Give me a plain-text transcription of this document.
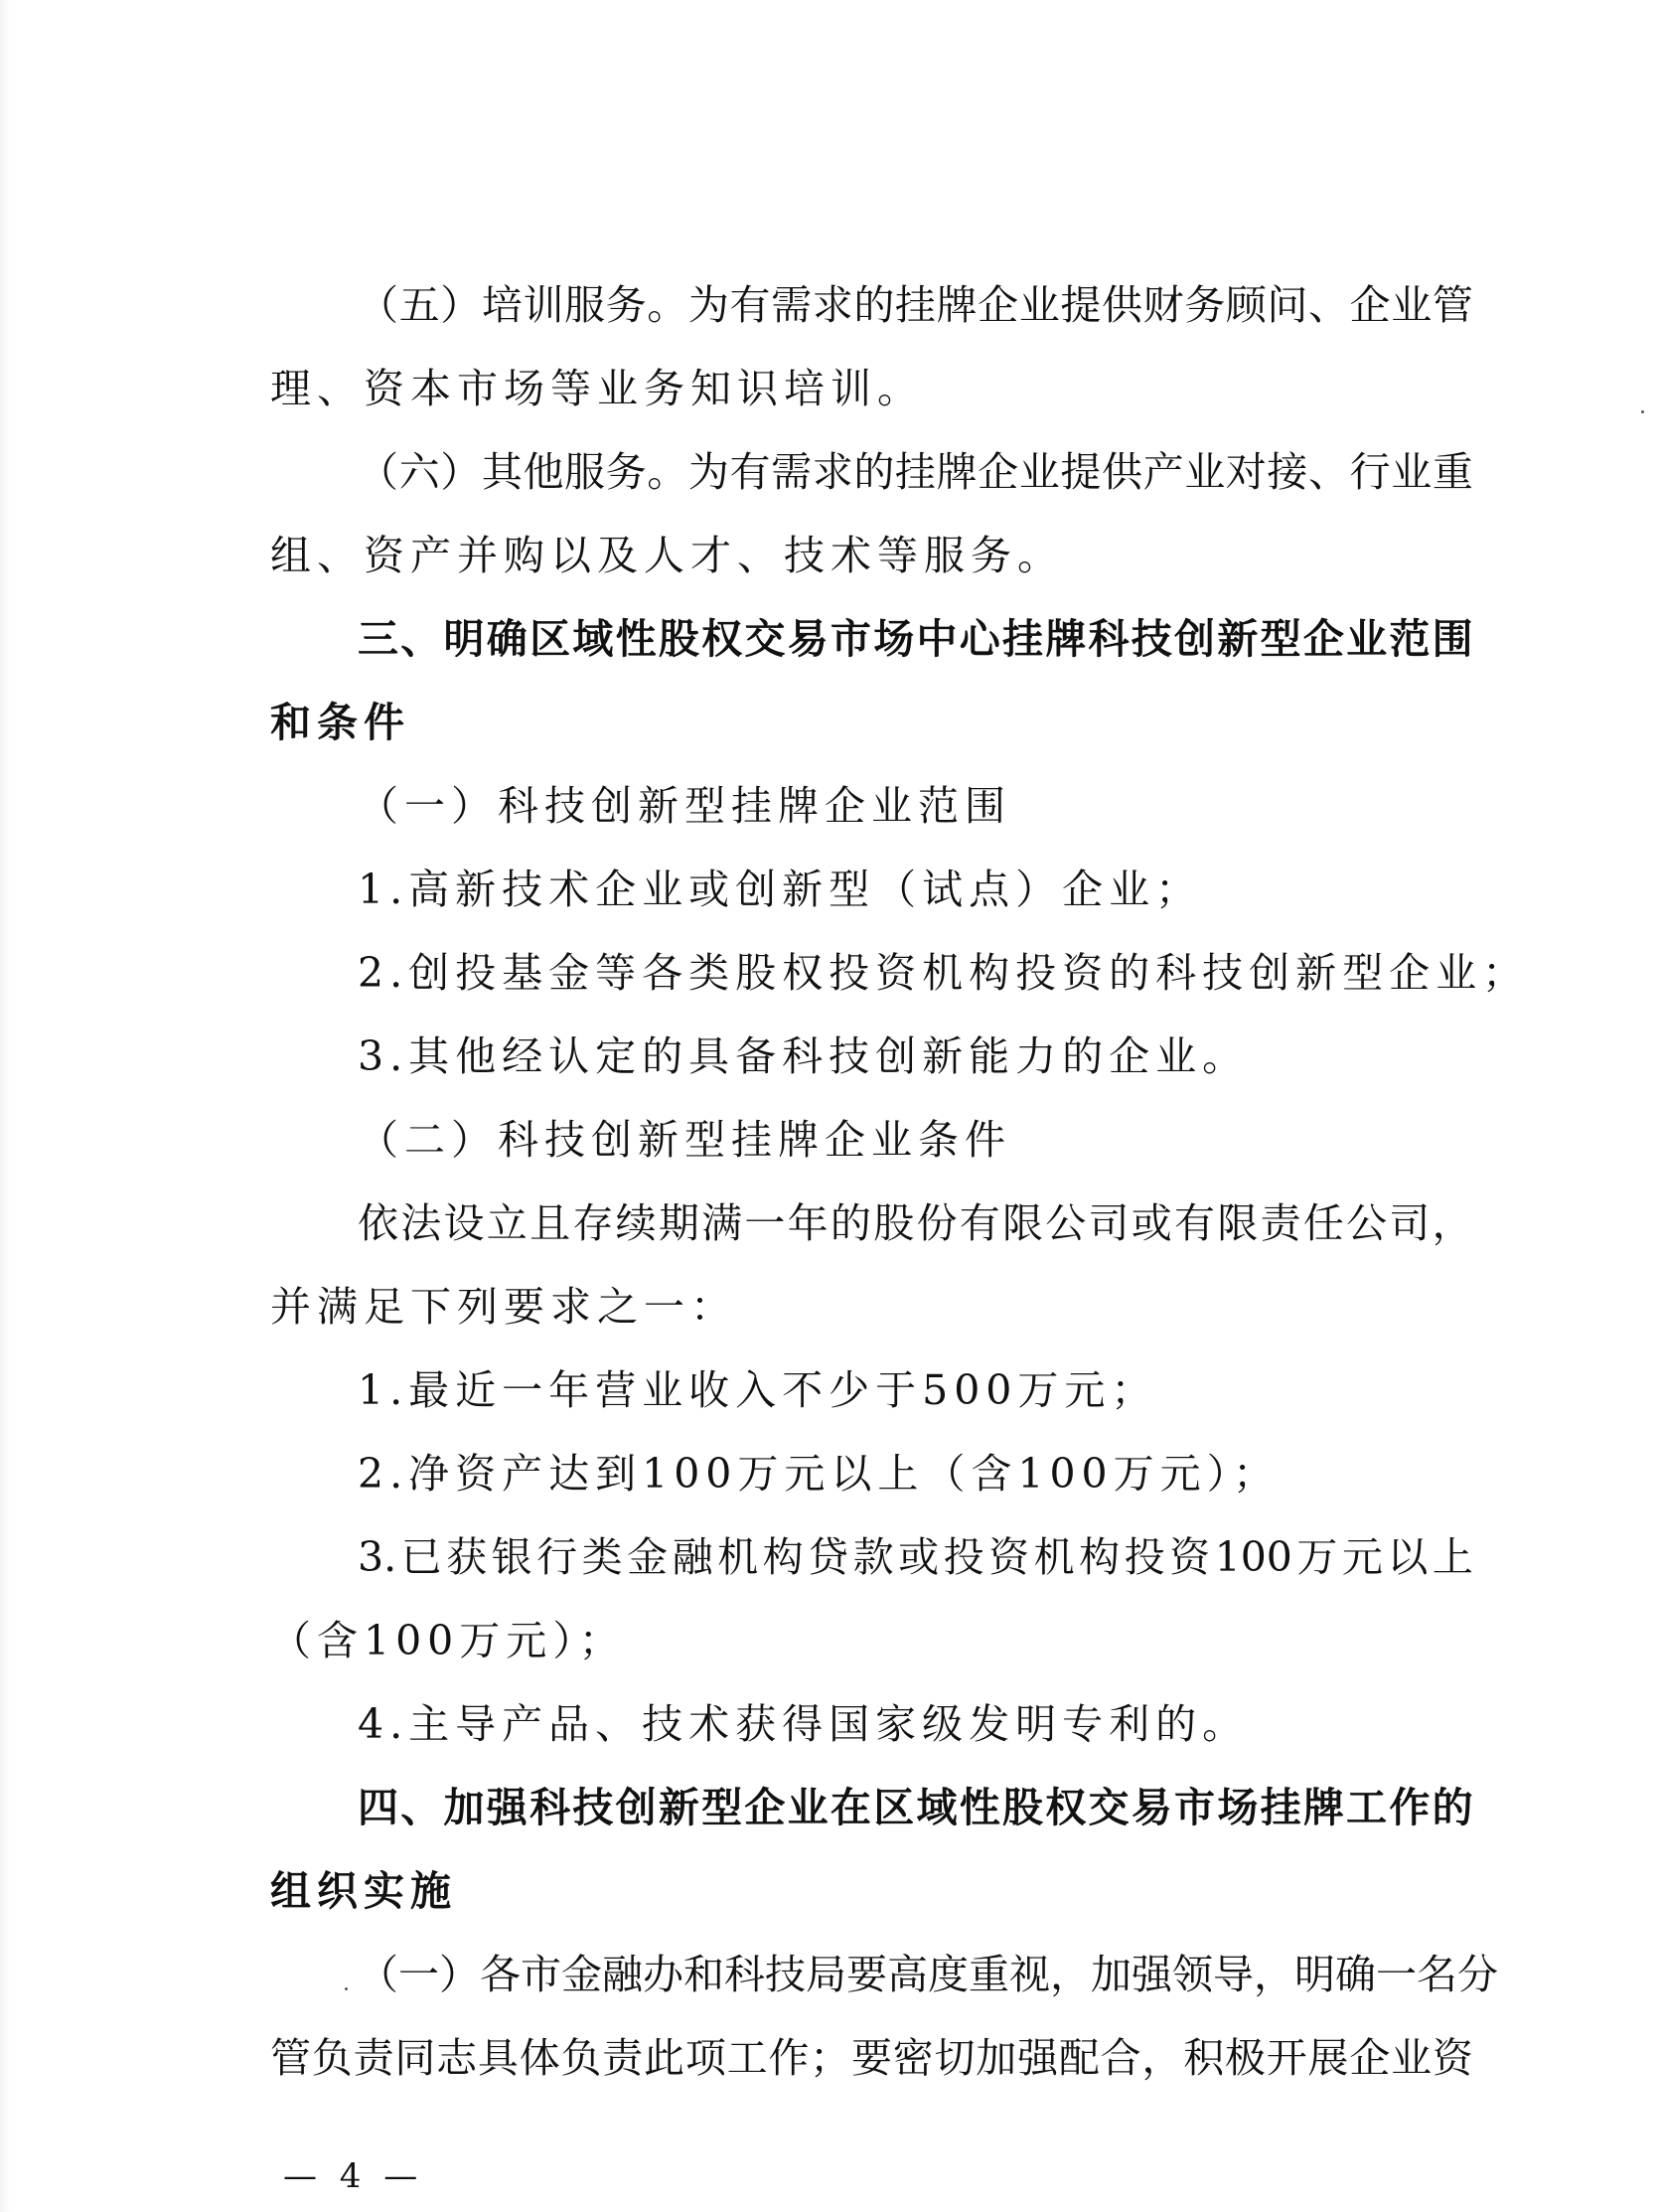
（ 五 ） 培 训 服 务 。 为 有 需 求 的 挂 牌 企 业 提 供 财 务 顾 问 、 企 业 管
理、资本市场等业务知识培训。
（ 六 ） 其 他 服 务 。 为 有 需 求 的 挂 牌 企 业 提 供 产 业 对 接 、 行 业 重
组、资产并购以及人才、技术等服务。
三 、 明 确 区 域 性 股 权 交 易 市 场 中 心 挂 牌 科 技 创 新 型 企 业 范 围
和条件
（一）科技创新型挂牌企业范围
1.高新技术企业或创新型（试点）企业；
2.创投基金等各类股权投资机构投资的科技创新型企业；
3.其他经认定的具备科技创新能力的企业。
（二）科技创新型挂牌企业条件
依 法 设 立 且 存 续 期 满 一 年 的 股 份 有 限 公 司 或 有 限 责 任 公 司 ，
并满足下列要求之一：
1.最近一年营业收入不少于500万元；
2.净资产达到100万元以上（含100万元）；
3. 已 获 银 行 类 金 融 机 构 贷 款 或 投 资 机 构 投 资 100 万 元 以 上
（含100万元）；
4.主导产品、技术获得国家级发明专利的。
四 、 加 强 科 技 创 新 型 企 业 在 区 域 性 股 权 交 易 市 场 挂 牌 工 作 的
组织实施
（ 一 ） 各 市 金 融 办 和 科 技 局 要 高 度 重 视 ， 加 强 领 导 ， 明 确 一 名 分
管 负 责 同 志 具 体 负 责 此 项 工 作 ； 要 密 切 加 强 配 合 ， 积 极 开 展 企 业 资
— 4 —
